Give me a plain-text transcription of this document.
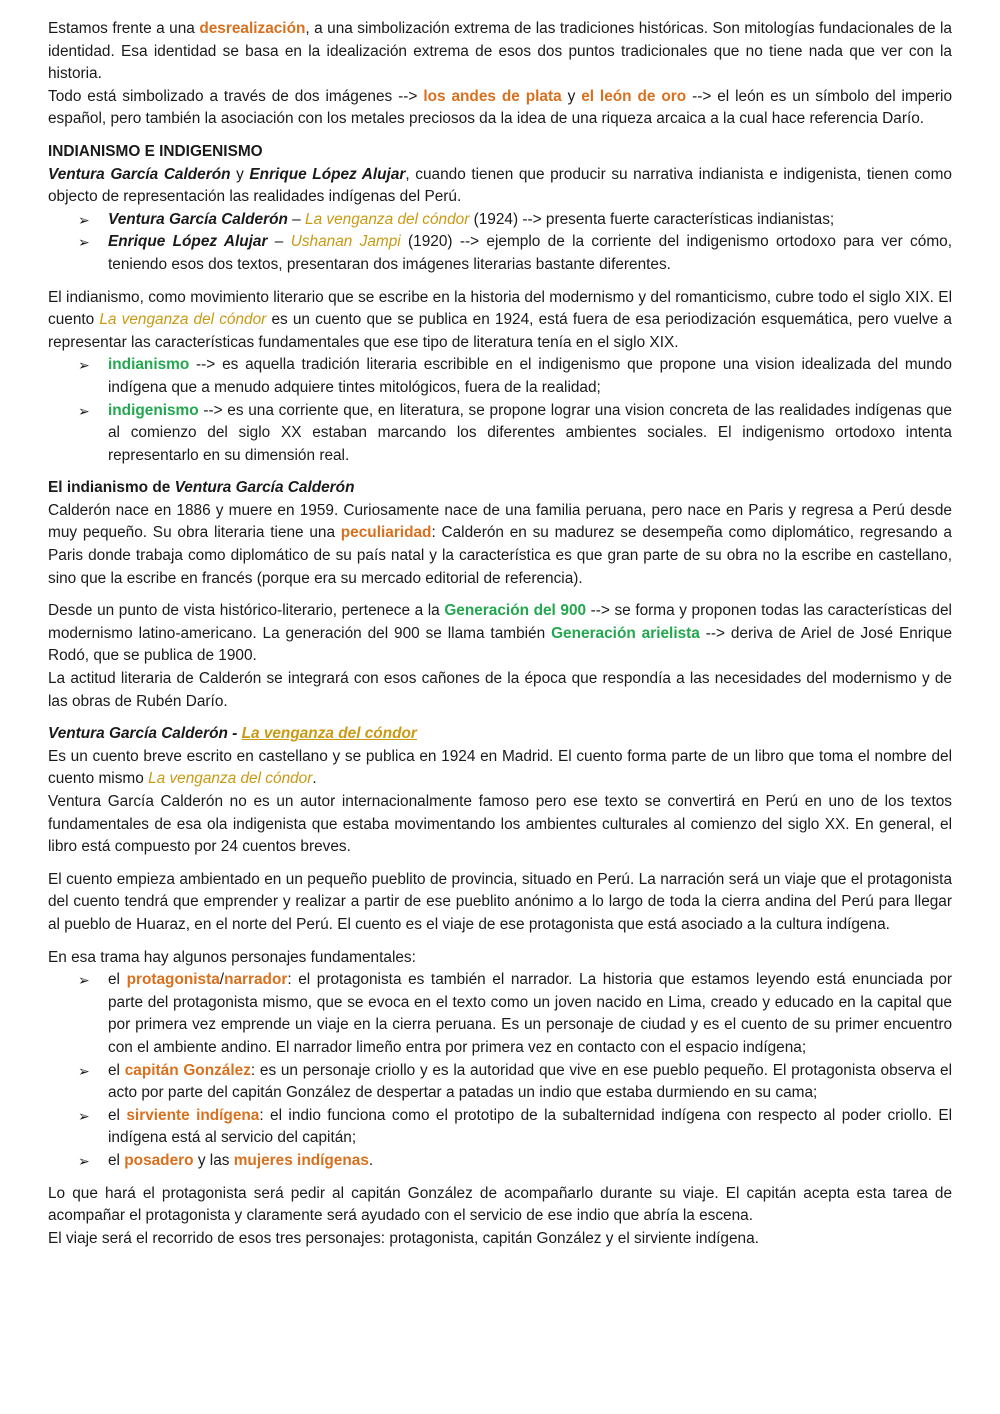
Estamos frente a una desrealización, a una simbolización extrema de las tradiciones históricas. Son mitologías fundacionales de la identidad. Esa identidad se basa en la idealización extrema de esos dos puntos tradicionales que no tiene nada que ver con la historia.

Todo está simbolizado a través de dos imágenes --> los andes de plata y el león de oro --> el león es un símbolo del imperio español, pero también la asociación con los metales preciosos da la idea de una riqueza arcaica a la cual hace referencia Darío.

INDIANISMO E INDIGENISMO

Ventura García Calderón y Enrique López Alujar, cuando tienen que producir su narrativa indianista e indigenista, tienen como objecto de representación las realidades indígenas del Perú.

➢ Ventura García Calderón – La venganza del cóndor (1924) --> presenta fuerte características indianistas;
➢ Enrique López Alujar – Ushanan Jampi (1920) --> ejemplo de la corriente del indigenismo ortodoxo para ver cómo, teniendo esos dos textos, presentaran dos imágenes literarias bastante diferentes.

El indianismo, como movimiento literario que se escribe en la historia del modernismo y del romanticismo, cubre todo el siglo XIX. El cuento La venganza del cóndor es un cuento que se publica en 1924, está fuera de esa periodización esquemática, pero vuelve a representar las características fundamentales que ese tipo de literatura tenía en el siglo XIX.

➢ indianismo --> es aquella tradición literaria escribible en el indigenismo que propone una vision idealizada del mundo indígena que a menudo adquiere tintes mitológicos, fuera de la realidad;
➢ indigenismo --> es una corriente que, en literatura, se propone lograr una vision concreta de las realidades indígenas que al comienzo del siglo XX estaban marcando los diferentes ambientes sociales. El indigenismo ortodoxo intenta representarlo en su dimensión real.

El indianismo de Ventura García Calderón

Calderón nace en 1886 y muere en 1959. Curiosamente nace de una familia peruana, pero nace en Paris y regresa a Perú desde muy pequeño. Su obra literaria tiene una peculiaridad: Calderón en su madurez se desempeña como diplomático, regresando a Paris donde trabaja como diplomático de su país natal y la característica es que gran parte de su obra no la escribe en castellano, sino que la escribe en francés (porque era su mercado editorial de referencia).

Desde un punto de vista histórico-literario, pertenece a la Generación del 900 --> se forma y proponen todas las características del modernismo latino-americano. La generación del 900 se llama también Generación arielista --> deriva de Ariel de José Enrique Rodó, que se publica de 1900.

La actitud literaria de Calderón se integrará con esos cañones de la época que respondía a las necesidades del modernismo y de las obras de Rubén Darío.

Ventura García Calderón - La venganza del cóndor

Es un cuento breve escrito en castellano y se publica en 1924 en Madrid. El cuento forma parte de un libro que toma el nombre del cuento mismo La venganza del cóndor.

Ventura García Calderón no es un autor internacionalmente famoso pero ese texto se convertirá en Perú en uno de los textos fundamentales de esa ola indigenista que estaba movimentando los ambientes culturales al comienzo del siglo XX. En general, el libro está compuesto por 24 cuentos breves.

El cuento empieza ambientado en un pequeño pueblito de provincia, situado en Perú. La narración será un viaje que el protagonista del cuento tendrá que emprender y realizar a partir de ese pueblito anónimo a lo largo de toda la cierra andina del Perú para llegar al pueblo de Huaraz, en el norte del Perú. El cuento es el viaje de ese protagonista que está asociado a la cultura indígena.

En esa trama hay algunos personajes fundamentales:

➢ el protagonista/narrador: el protagonista es también el narrador. La historia que estamos leyendo está enunciada por parte del protagonista mismo, que se evoca en el texto como un joven nacido en Lima, creado y educado en la capital que por primera vez emprende un viaje en la cierra peruana. Es un personaje de ciudad y es el cuento de su primer encuentro con el ambiente andino. El narrador limeño entra por primera vez en contacto con el espacio indígena;
➢ el capitán González: es un personaje criollo y es la autoridad que vive en ese pueblo pequeño. El protagonista observa el acto por parte del capitán González de despertar a patadas un indio que estaba durmiendo en su cama;
➢ el sirviente indígena: el indio funciona como el prototipo de la subalternidad indígena con respecto al poder criollo. El indígena está al servicio del capitán;
➢ el posadero y las mujeres indígenas.

Lo que hará el protagonista será pedir al capitán González de acompañarlo durante su viaje. El capitán acepta esta tarea de acompañar el protagonista y claramente será ayudado con el servicio de ese indio que abría la escena.

El viaje será el recorrido de esos tres personajes: protagonista, capitán González y el sirviente indígena.
